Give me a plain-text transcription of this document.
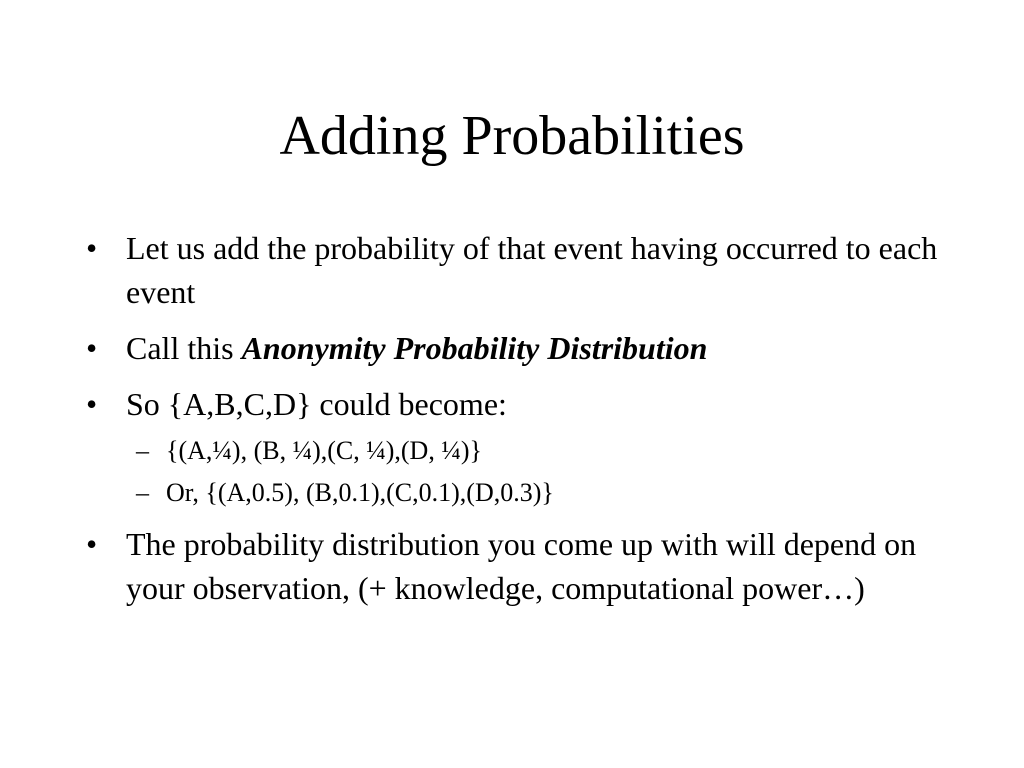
Adding Probabilities
• Let us add the probability of that event having occurred to each event
• Call this Anonymity Probability Distribution
• So {A,B,C,D} could become:
– {(A,¼), (B, ¼),(C, ¼),(D, ¼)}
– Or, {(A,0.5), (B,0.1),(C,0.1),(D,0.3)}
• The probability distribution you come up with will depend on your observation, (+ knowledge, computational power…)
